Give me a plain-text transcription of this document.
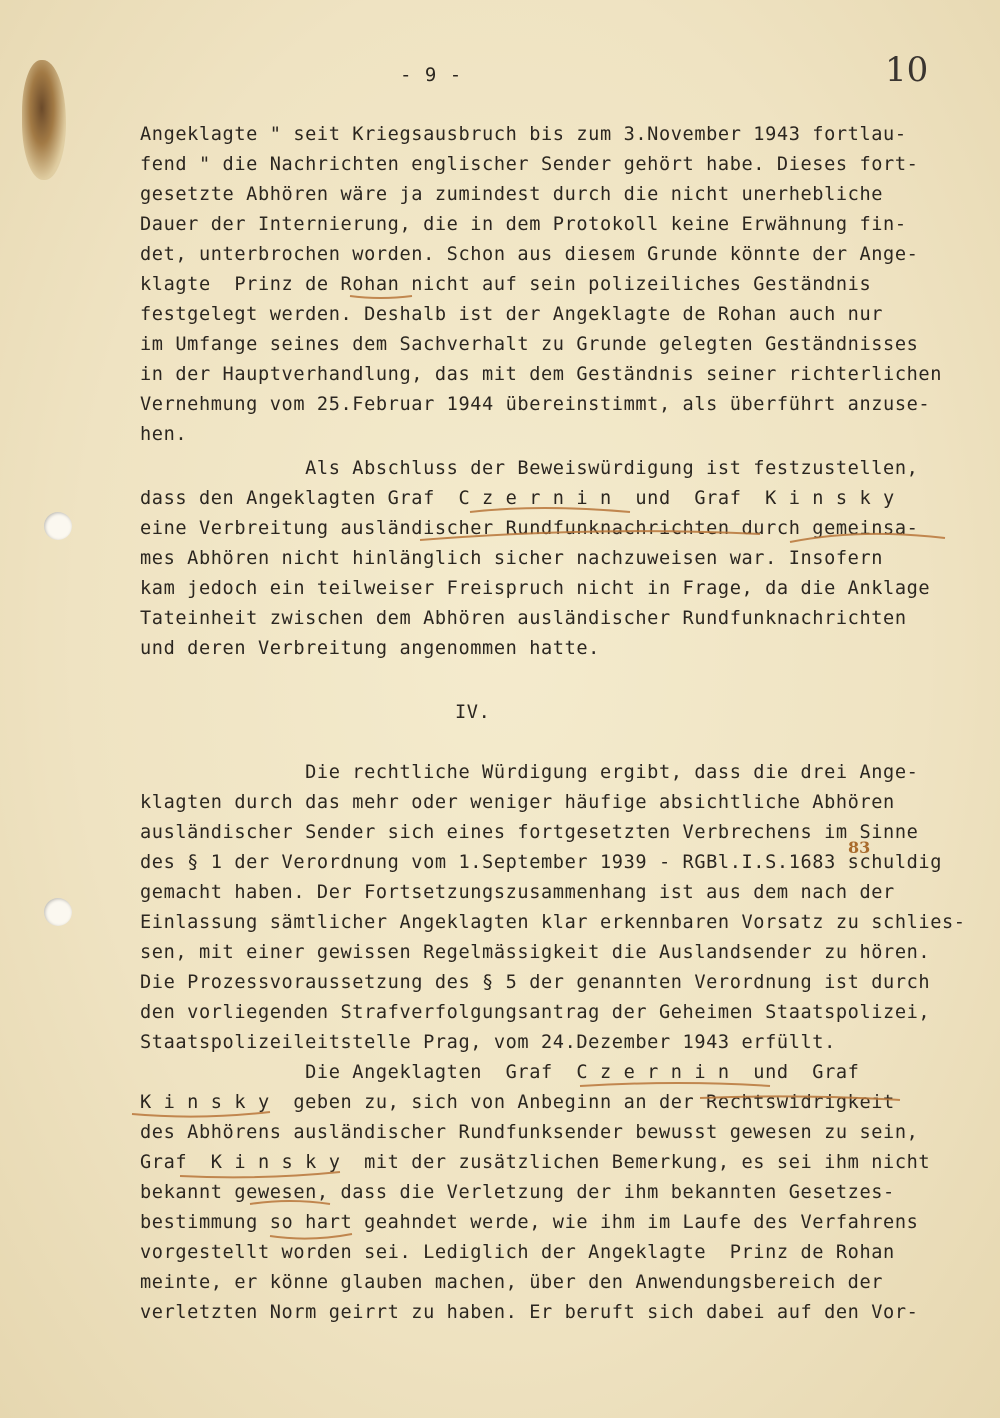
- 9 -	10
83
Angeklagte " seit Kriegsausbruch bis zum 3.November 1943 fortlau-
fend " die Nachrichten englischer Sender gehört habe. Dieses fort-
gesetzte Abhören wäre ja zumindest durch die nicht unerhebliche
Dauer der Internierung, die in dem Protokoll keine Erwähnung fin-
det, unterbrochen worden. Schon aus diesem Grunde könnte der Ange-
klagte  Prinz de Rohan nicht auf sein polizeiliches Geständnis
festgelegt werden. Deshalb ist der Angeklagte de Rohan auch nur
im Umfange seines dem Sachverhalt zu Grunde gelegten Geständnisses
in der Hauptverhandlung, das mit dem Geständnis seiner richterlichen
Vernehmung vom 25.Februar 1944 übereinstimmt, als überführt anzuse-
hen.
Als Abschluss der Beweiswürdigung ist festzustellen,
dass den Angeklagten Graf  C z e r n i n  und  Graf  K i n s k y
eine Verbreitung ausländischer Rundfunknachrichten durch gemeinsa-
mes Abhören nicht hinlänglich sicher nachzuweisen war. Insofern
kam jedoch ein teilweiser Freispruch nicht in Frage, da die Anklage
Tateinheit zwischen dem Abhören ausländischer Rundfunknachrichten
und deren Verbreitung angenommen hatte.
IV.
Die rechtliche Würdigung ergibt, dass die drei Ange-
klagten durch das mehr oder weniger häufige absichtliche Abhören
ausländischer Sender sich eines fortgesetzten Verbrechens im Sinne
des § 1 der Verordnung vom 1.September 1939 - RGBl.I.S.1683 schuldig
gemacht haben. Der Fortsetzungszusammenhang ist aus dem nach der
Einlassung sämtlicher Angeklagten klar erkennbaren Vorsatz zu schlies-
sen, mit einer gewissen Regelmässigkeit die Auslandsender zu hören.
Die Prozessvoraussetzung des § 5 der genannten Verordnung ist durch
den vorliegenden Strafverfolgungsantrag der Geheimen Staatspolizei,
Staatspolizeileitstelle Prag, vom 24.Dezember 1943 erfüllt.
Die Angeklagten  Graf  C z e r n i n  und  Graf
K i n s k y  geben zu, sich von Anbeginn an der Rechtswidrigkeit
des Abhörens ausländischer Rundfunksender bewusst gewesen zu sein,
Graf  K i n s k y  mit der zusätzlichen Bemerkung, es sei ihm nicht
bekannt gewesen, dass die Verletzung der ihm bekannten Gesetzes-
bestimmung so hart geahndet werde, wie ihm im Laufe des Verfahrens
vorgestellt worden sei. Lediglich der Angeklagte  Prinz de Rohan
meinte, er könne glauben machen, über den Anwendungsbereich der
verletzten Norm geirrt zu haben. Er beruft sich dabei auf den Vor-
